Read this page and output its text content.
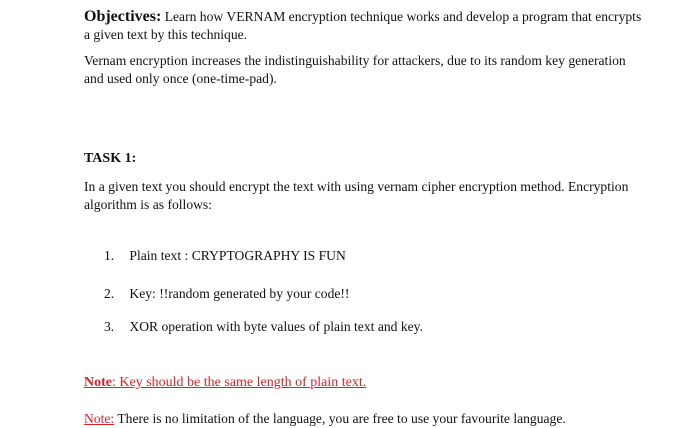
Objectives: Learn how VERNAM encryption technique works and develop a program that encrypts a given text by this technique.
Vernam encryption increases the indistinguishability for attackers, due to its random key generation and used only once (one-time-pad).
TASK 1:
In a given text you should encrypt the text with using vernam cipher encryption method. Encryption algorithm is as follows:
1. Plain text : CRYPTOGRAPHY IS FUN
2. Key: !!random generated by your code!!
3. XOR operation with byte values of plain text and key.
Note: Key should be the same length of plain text.
Note: There is no limitation of the language, you are free to use your favourite language.
